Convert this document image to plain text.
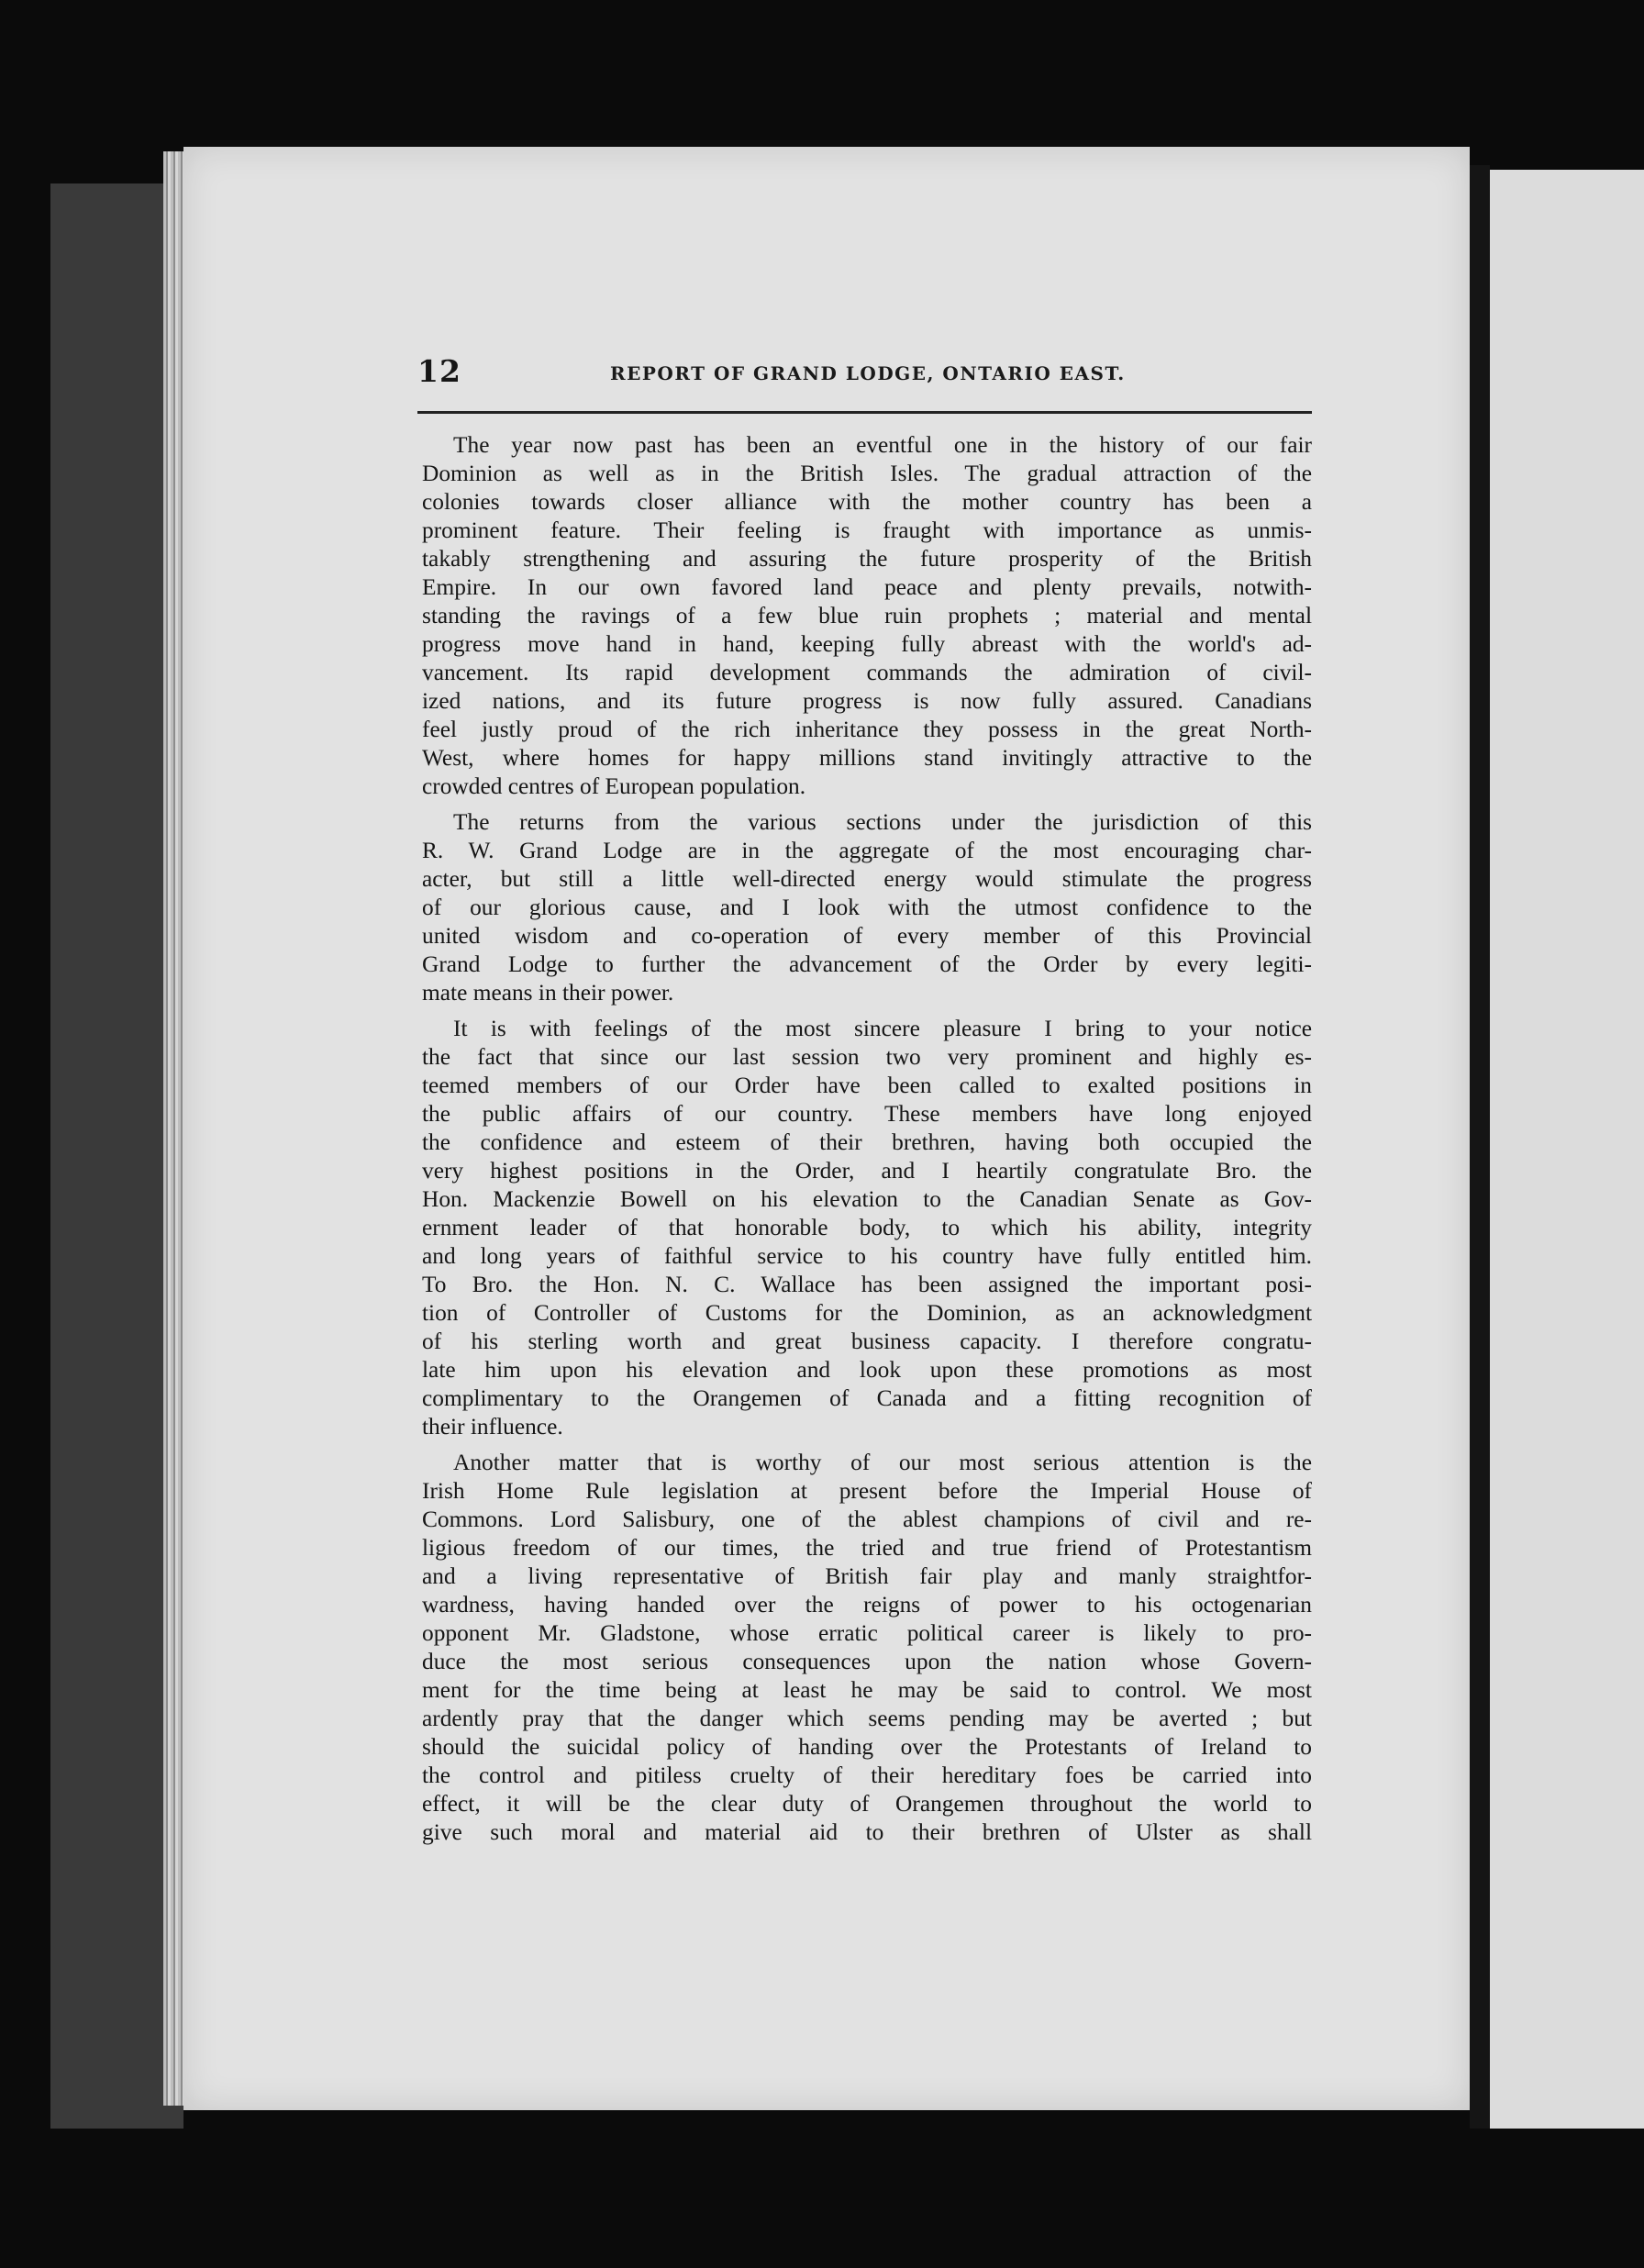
12	REPORT OF GRAND LODGE, ONTARIO EAST.
The year now past has been an eventful one in the history of our fair
Dominion as well as in the British Isles. The gradual attraction of the
colonies towards closer alliance with the mother country has been a
prominent feature. Their feeling is fraught with importance as unmis-
takably strengthening and assuring the future prosperity of the British
Empire. In our own favored land peace and plenty prevails, notwith-
standing the ravings of a few blue ruin prophets ; material and mental
progress move hand in hand, keeping fully abreast with the world's ad-
vancement. Its rapid development commands the admiration of civil-
ized nations, and its future progress is now fully assured. Canadians
feel justly proud of the rich inheritance they possess in the great North-
West, where homes for happy millions stand invitingly attractive to the
crowded centres of European population.
The returns from the various sections under the jurisdiction of this
R. W. Grand Lodge are in the aggregate of the most encouraging char-
acter, but still a little well-directed energy would stimulate the progress
of our glorious cause, and I look with the utmost confidence to the
united wisdom and co-operation of every member of this Provincial
Grand Lodge to further the advancement of the Order by every legiti-
mate means in their power.
It is with feelings of the most sincere pleasure I bring to your notice
the fact that since our last session two very prominent and highly es-
teemed members of our Order have been called to exalted positions in
the public affairs of our country. These members have long enjoyed
the confidence and esteem of their brethren, having both occupied the
very highest positions in the Order, and I heartily congratulate Bro. the
Hon. Mackenzie Bowell on his elevation to the Canadian Senate as Gov-
ernment leader of that honorable body, to which his ability, integrity
and long years of faithful service to his country have fully entitled him.
To Bro. the Hon. N. C. Wallace has been assigned the important posi-
tion of Controller of Customs for the Dominion, as an acknowledgment
of his sterling worth and great business capacity. I therefore congratu-
late him upon his elevation and look upon these promotions as most
complimentary to the Orangemen of Canada and a fitting recognition of
their influence.
Another matter that is worthy of our most serious attention is the
Irish Home Rule legislation at present before the Imperial House of
Commons. Lord Salisbury, one of the ablest champions of civil and re-
ligious freedom of our times, the tried and true friend of Protestantism
and a living representative of British fair play and manly straightfor-
wardness, having handed over the reigns of power to his octogenarian
opponent Mr. Gladstone, whose erratic political career is likely to pro-
duce the most serious consequences upon the nation whose Govern-
ment for the time being at least he may be said to control. We most
ardently pray that the danger which seems pending may be averted ; but
should the suicidal policy of handing over the Protestants of Ireland to
the control and pitiless cruelty of their hereditary foes be carried into
effect, it will be the clear duty of Orangemen throughout the world to
give such moral and material aid to their brethren of Ulster as shall
